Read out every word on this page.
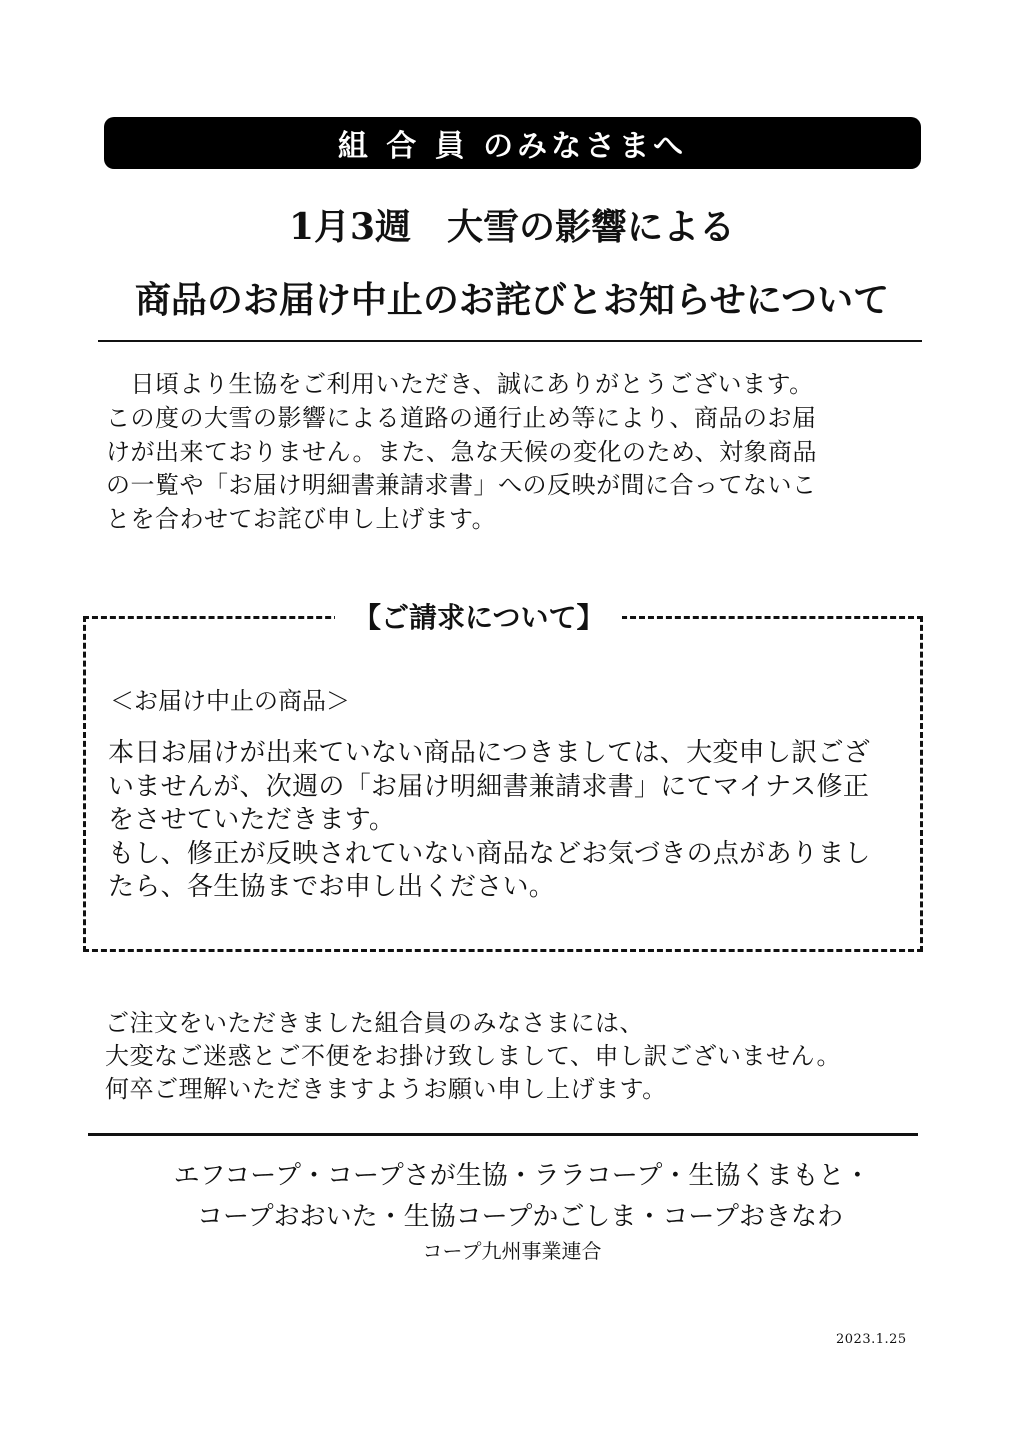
組 合 員 のみなさまへ
1月3週　大雪の影響による
商品のお届け中止のお詫びとお知らせについて
　日頃より生協をご利用いただき、誠にありがとうございます。
この度の大雪の影響による道路の通行止め等により、商品のお届
けが出来ておりません。また、急な天候の変化のため、対象商品
の一覧や「お届け明細書兼請求書」への反映が間に合ってないこ
とを合わせてお詫び申し上げます。
【ご請求について】
＜お届け中止の商品＞
本日お届けが出来ていない商品につきましては、大変申し訳ござ
いませんが、次週の「お届け明細書兼請求書」にてマイナス修正
をさせていただきます。
もし、修正が反映されていない商品などお気づきの点がありまし
たら、各生協までお申し出ください。
ご注文をいただきました組合員のみなさまには、
大変なご迷惑とご不便をお掛け致しまして、申し訳ございません。
何卒ご理解いただきますようお願い申し上げます。
エフコープ・コープさが生協・ララコープ・生協くまもと・
コープおおいた・生協コープかごしま・コープおきなわ
コープ九州事業連合
2023.1.25
